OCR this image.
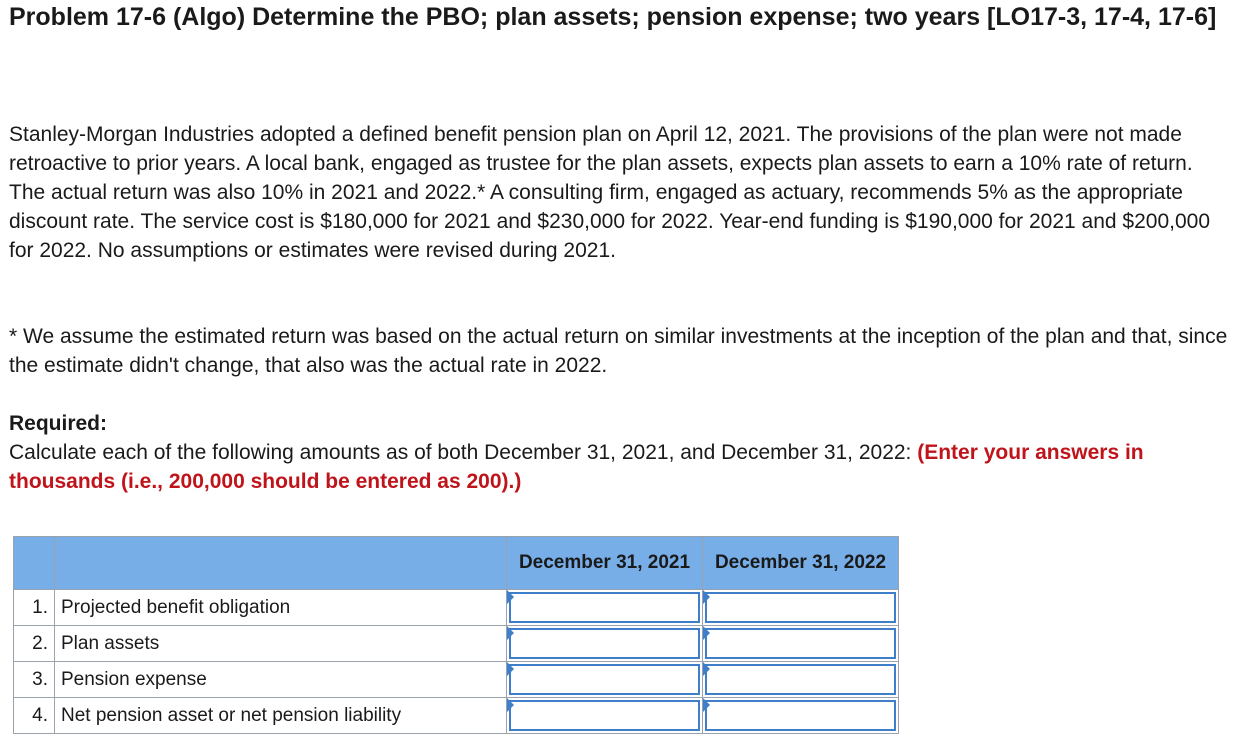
Problem 17-6 (Algo) Determine the PBO; plan assets; pension expense; two years [LO17-3, 17-4, 17-6]

Stanley-Morgan Industries adopted a defined benefit pension plan on April 12, 2021. The provisions of the plan were not made retroactive to prior years. A local bank, engaged as trustee for the plan assets, expects plan assets to earn a 10% rate of return. The actual return was also 10% in 2021 and 2022.* A consulting firm, engaged as actuary, recommends 5% as the appropriate discount rate. The service cost is $180,000 for 2021 and $230,000 for 2022. Year-end funding is $190,000 for 2021 and $200,000 for 2022. No assumptions or estimates were revised during 2021.

* We assume the estimated return was based on the actual return on similar investments at the inception of the plan and that, since the estimate didn't change, that also was the actual rate in 2022.

Required:

Calculate each of the following amounts as of both December 31, 2021, and December 31, 2022: (Enter your answers in thousands (i.e., 200,000 should be entered as 200).)

		December 31, 2021	December 31, 2022
1.	Projected benefit obligation	

2.	Plan assets	

3.	Pension expense	

4.	Net pension asset or net pension liability	
